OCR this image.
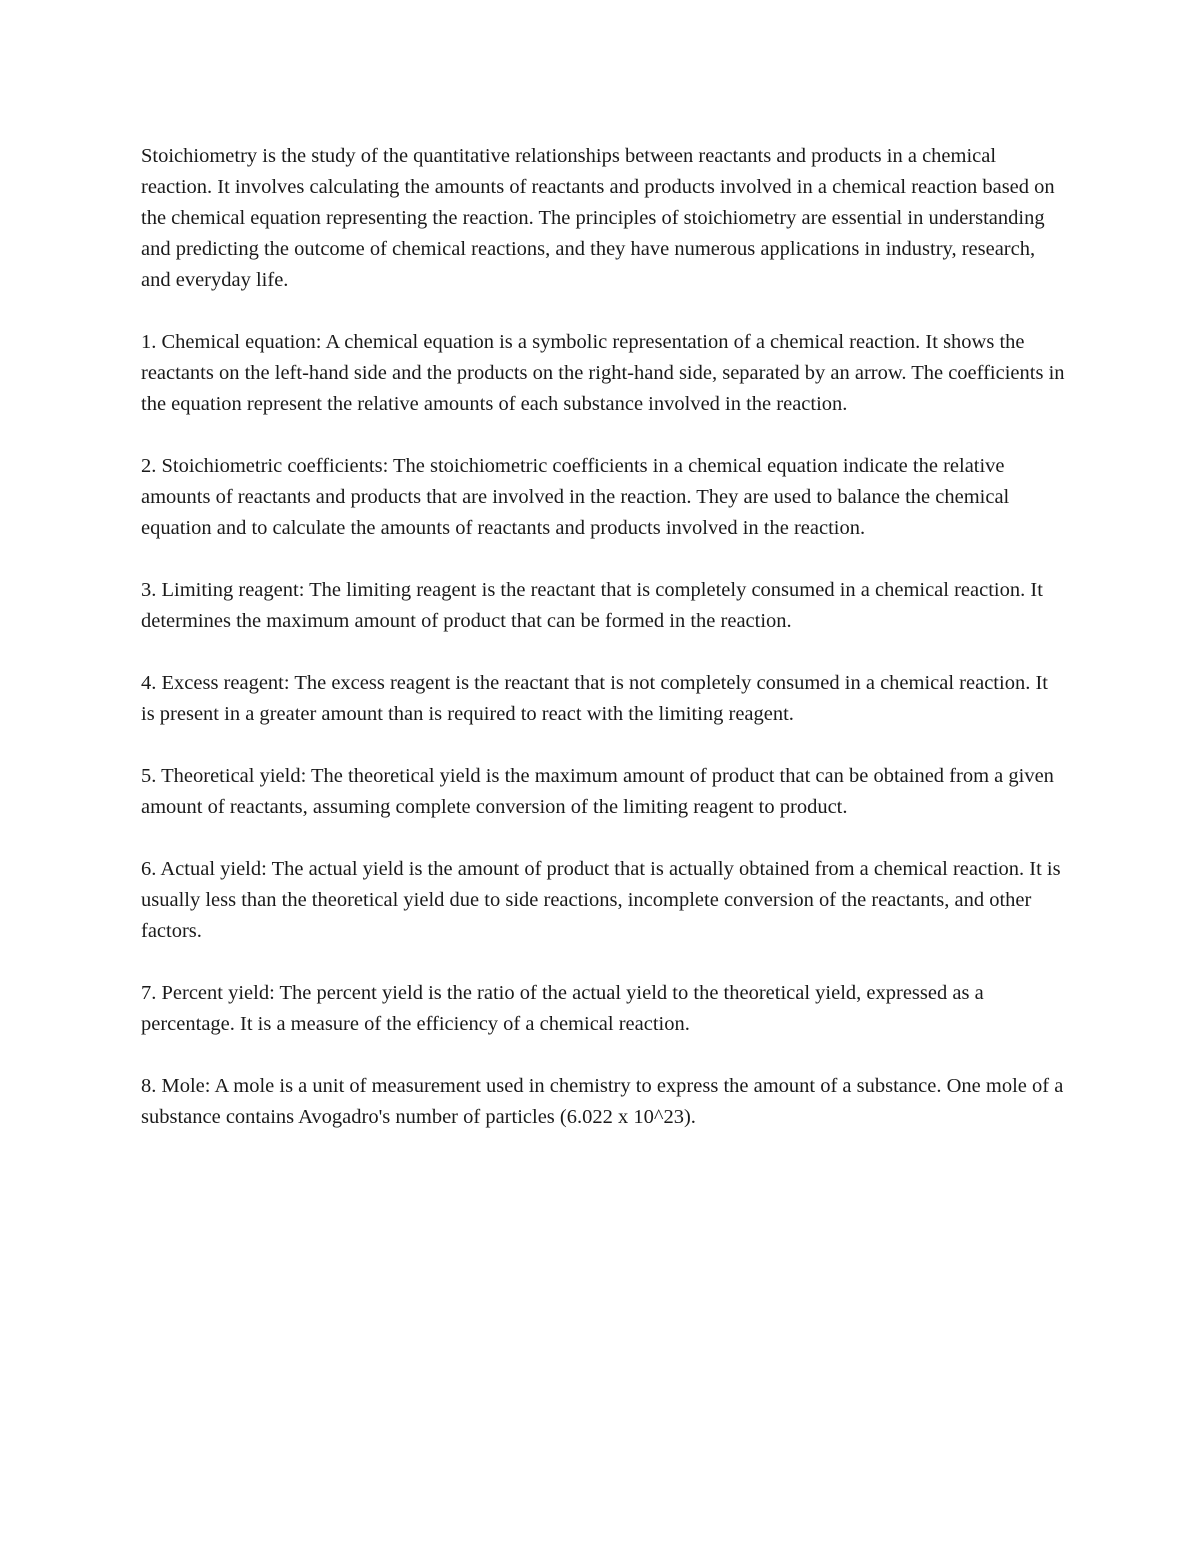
Stoichiometry is the study of the quantitative relationships between reactants and products in a chemical reaction. It involves calculating the amounts of reactants and products involved in a chemical reaction based on the chemical equation representing the reaction. The principles of stoichiometry are essential in understanding and predicting the outcome of chemical reactions, and they have numerous applications in industry, research, and everyday life.

1. Chemical equation: A chemical equation is a symbolic representation of a chemical reaction. It shows the reactants on the left-hand side and the products on the right-hand side, separated by an arrow. The coefficients in the equation represent the relative amounts of each substance involved in the reaction.

2. Stoichiometric coefficients: The stoichiometric coefficients in a chemical equation indicate the relative amounts of reactants and products that are involved in the reaction. They are used to balance the chemical equation and to calculate the amounts of reactants and products involved in the reaction.

3. Limiting reagent: The limiting reagent is the reactant that is completely consumed in a chemical reaction. It determines the maximum amount of product that can be formed in the reaction.

4. Excess reagent: The excess reagent is the reactant that is not completely consumed in a chemical reaction. It is present in a greater amount than is required to react with the limiting reagent.

5. Theoretical yield: The theoretical yield is the maximum amount of product that can be obtained from a given amount of reactants, assuming complete conversion of the limiting reagent to product.

6. Actual yield: The actual yield is the amount of product that is actually obtained from a chemical reaction. It is usually less than the theoretical yield due to side reactions, incomplete conversion of the reactants, and other factors.

7. Percent yield: The percent yield is the ratio of the actual yield to the theoretical yield, expressed as a percentage. It is a measure of the efficiency of a chemical reaction.

8. Mole: A mole is a unit of measurement used in chemistry to express the amount of a substance. One mole of a substance contains Avogadro's number of particles (6.022 x 10^23).
